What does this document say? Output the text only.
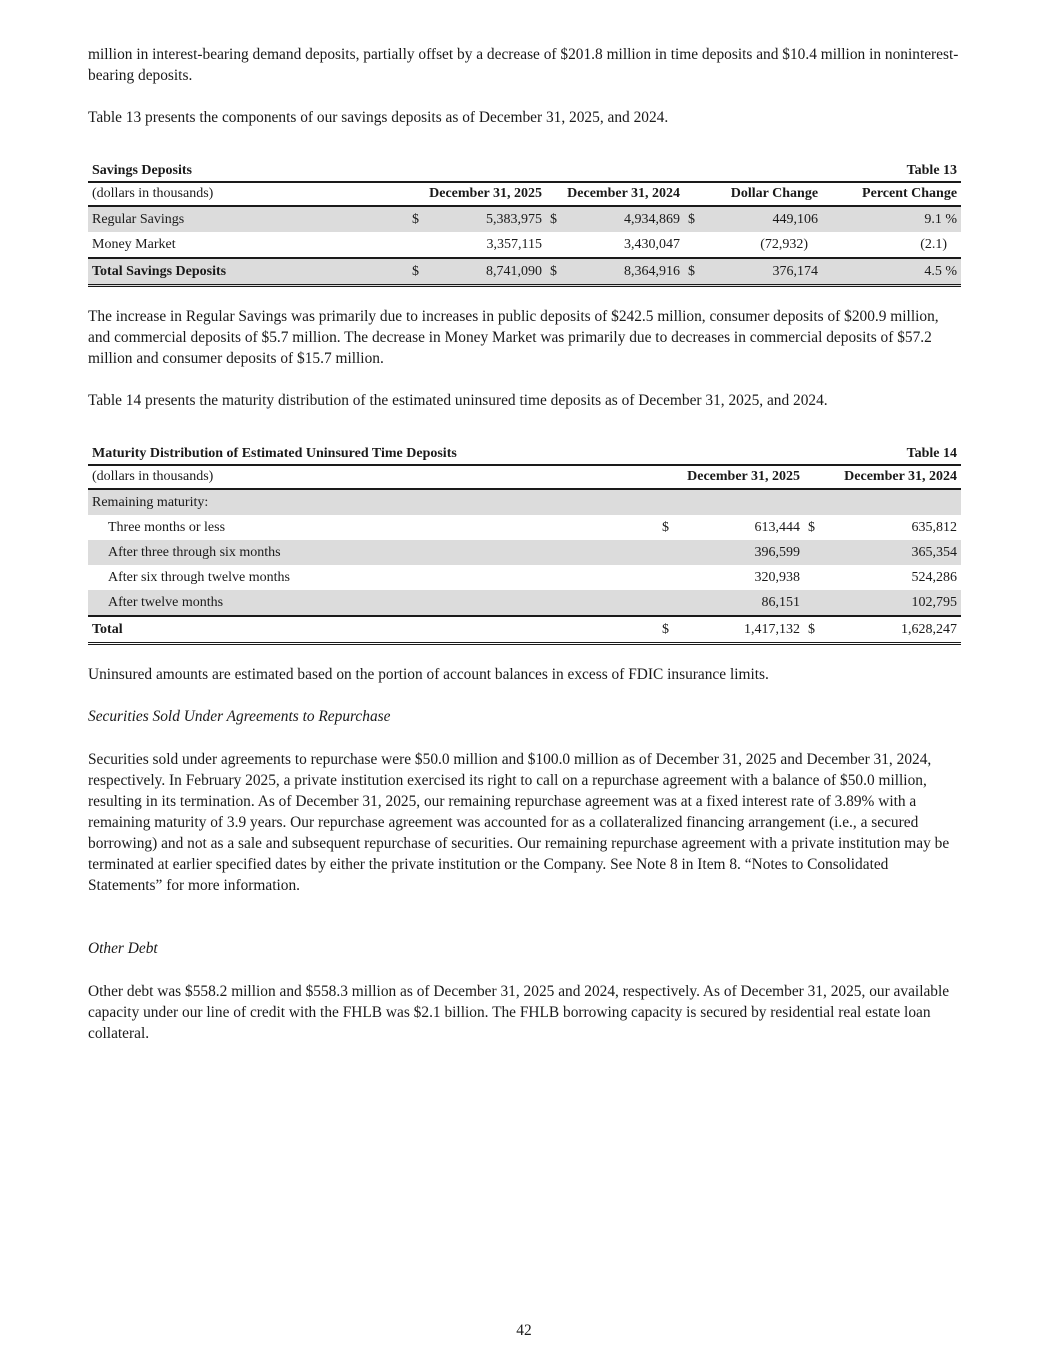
million in interest-bearing demand deposits, partially offset by a decrease of $201.8 million in time deposits and $10.4 million in noninterest-bearing deposits.

Table 13 presents the components of our savings deposits as of December 31, 2025, and 2024.

Savings Deposits				Table 13			
(dollars in thousands)	December 31, 2025		December 31, 2024		Dollar Change		Percent Change
Regular Savings	$	5,383,975	$	4,934,869	$	449,106	9.1 %
Money Market		3,357,115		3,430,047		(72,932)	(2.1)
Total Savings Deposits	$	8,741,090	$	8,364,916	$	376,174	4.5 %

The increase in Regular Savings was primarily due to increases in public deposits of $242.5 million, consumer deposits of $200.9 million, and commercial deposits of $5.7 million. The decrease in Money Market was primarily due to decreases in commercial deposits of $57.2 million and consumer deposits of $15.7 million.

Table 14 presents the maturity distribution of the estimated uninsured time deposits as of December 31, 2025, and 2024.

Maturity Distribution of Estimated Uninsured Time Deposits			Table 14	
(dollars in thousands)	December 31, 2025		December 31, 2024	
Remaining maturity:				
Three months or less	$	613,444	$	635,812
After three through six months		396,599		365,354
After six through twelve months		320,938		524,286
After twelve months		86,151		102,795
Total	$	1,417,132	$	1,628,247

Uninsured amounts are estimated based on the portion of account balances in excess of FDIC insurance limits.

Securities Sold Under Agreements to Repurchase

Securities sold under agreements to repurchase were $50.0 million and $100.0 million as of December 31, 2025 and December 31, 2024, respectively. In February 2025, a private institution exercised its right to call on a repurchase agreement with a balance of $50.0 million, resulting in its termination. As of December 31, 2025, our remaining repurchase agreement was at a fixed interest rate of 3.89% with a remaining maturity of 3.9 years. Our repurchase agreement was accounted for as a collateralized financing arrangement (i.e., a secured borrowing) and not as a sale and subsequent repurchase of securities. Our remaining repurchase agreement with a private institution may be terminated at earlier specified dates by either the private institution or the Company. See Note 8 in Item 8. “Notes to Consolidated Statements” for more information.

Other Debt

Other debt was $558.2 million and $558.3 million as of December 31, 2025 and 2024, respectively. As of December 31, 2025, our available capacity under our line of credit with the FHLB was $2.1 billion. The FHLB borrowing capacity is secured by residential real estate loan collateral.

42
